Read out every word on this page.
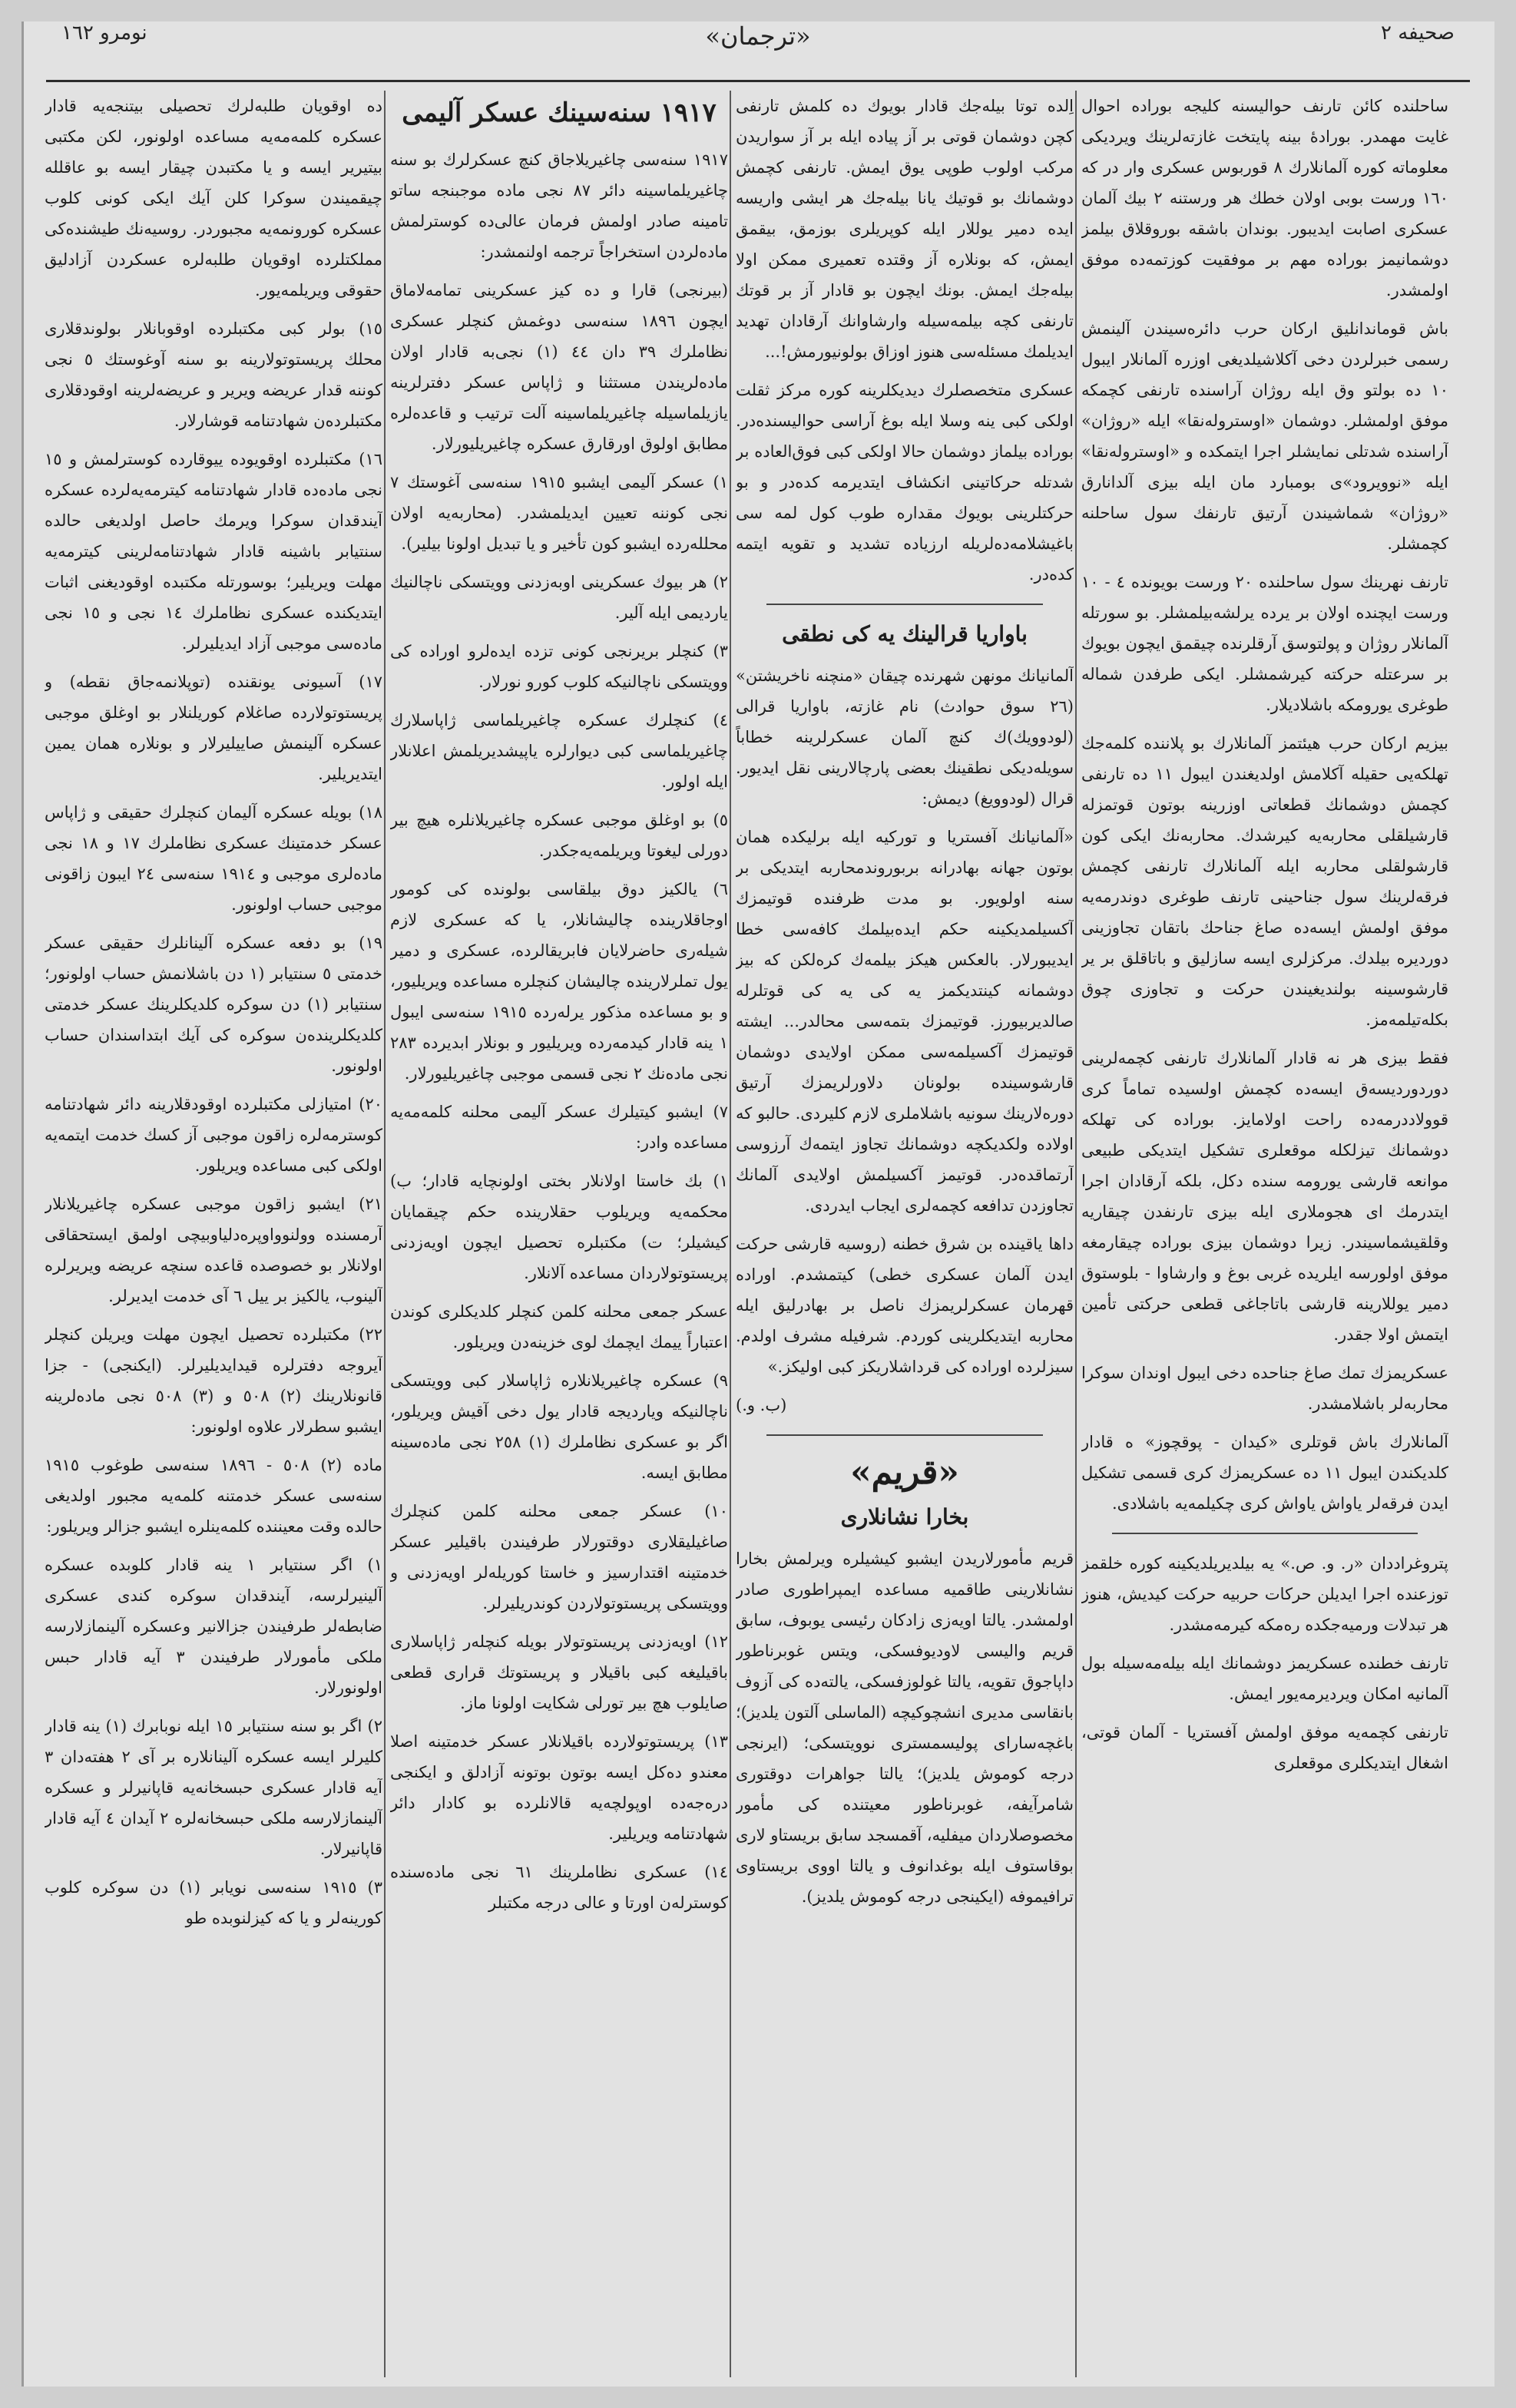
صحیفه ٢
«ترجمان»
نومرو ١٦٢

ساحلنده کائن تارنف حوالیسنه کلیجه بوراده احوال غایت مهمدر. بورادهٔ بینه پایتخت غازته‌لرینك ویردیکی معلوماته کوره آلمانلارك ٨ قوربوس عسکری وار در که ١٦٠ ورست بوبی اولان خطك هر ورستنه ٢ بیك آلمان عسکری اصابت ایدیبور. بوندان باشقه بوروقلاق بیلمز دوشمانیمز بوراده مهم بر موفقیت کوزتمه‌ده موفق اولمشدر.

باش قوماندانلیق ارکان حرب دائره‌سیندن آلینمش رسمی خبرلردن دخی آکلاشیلدیغی اوزره آلمانلار ایبول ١٠ ده بولتو وق ایله روژان آراسنده تارنفی کچمکه موفق اولمشلر. دوشمان «اوستروله‌نقا» ایله «روژان» آراسنده شدتلی نمایشلر اجرا ایتمکده و «اوستروله‌نقا» ایله «نوویرود»ی بومبارد مان ایله بیزی آلدانارق «روژان» شماشیندن آرتیق تارنفك سول ساحلنه کچمشلر.

تارنف نهرینك سول ساحلنده ٢٠ ورست بویونده ٤ - ١٠ ورست ایچنده اولان بر یرده یرلشه‌بیلمشلر. بو سورتله آلمانلار روژان و پولتوسق آرقلرنده چیقمق ایچون بویوك بر سرعتله حرکته کیرشمشلر. ایکی طرفدن شماله طوغری یورومکه باشلادیلار.

بیزیم ارکان حرب هیئتمز آلمانلارك بو پلاننده کلمه‌جك تهلکه‌یی حقیله آکلامش اولدیغندن ایبول ١١ ده تارنفی کچمش دوشمانك قطعاتی اوزرینه بوتون قوتمزله قارشیلقلی محاربه‌یه کیرشدك. محاربه‌نك ایکی کون قارشولقلی محاربه ایله آلمانلارك تارنفی کچمش فرقه‌لرینك سول جناحینی تارنف طوغری دوندرمه‌یه موفق اولمش ایسه‌ده صاغ جناحك باتقان تجاوزینی دوردیره بیلدك. مرکزلری ایسه سازلیق و باتاقلق بر یر قارشوسینه بولندیغیندن حرکت و تجاوزی چوق بکله‌تیلمه‌مز.

فقط بیزی هر نه قادار آلمانلارك تارنفی کچمه‌لرینی دوردوردیسه‌ق ایسه‌ده کچمش اولسیده تماماً کری قوولاددرمه‌ده راحت اولامایز. بوراده کی تهلکه دوشمانك تیزلکله موقعلری تشکیل ایتدیکی طبیعی موانعه قارشی یورومه سنده دکل، بلکه آرقادان اجرا ایتدرمك ای هجوملاری ایله بیزی تارنفدن چیقاریه وقلقیشماسیندر. زیرا دوشمان بیزی بوراده چیقارمغه موفق اولورسه ایلریده غربی بوغ و وارشاوا - بلوستوق دمیر یوللارینه قارشی باتاجاغی قطعی حرکتی تأمین ایتمش اولا جقدر.

عسکریمزك تمك صاغ جناحده دخی ایبول اوندان سوکرا محاربه‌لر باشلامشدر.

آلمانلارك باش قوتلری «کیدان - پوقچوز» ه قادار کلدیکندن ایبول ١١ ده عسکریمزك کری قسمی تشکیل ایدن فرقه‌لر یاواش یاواش کری چکیلمه‌یه باشلادی.

پتروغراددان «ر. و. ص.» یه بیلدیریلدیکینه کوره خلقمز توزعنده اجرا ایدیلن حرکات حربیه حرکت کیدیش، هنوز هر تبدلات ورمیه‌جکده ره‌مکه کیرمه‌مشدر.

تارنف خطنده عسکریمز دوشمانك ایله بیله‌مه‌سیله بول آلمانیه امکان ویردیرمه‌یور ایمش.

تارنفی کچمه‌یه موفق اولمش آفستریا - آلمان قوتی، اشغال ایتدیکلری موقعلری

اِلده توتا بیله‌جك قادار بویوك ده کلمش تارنفی کچن دوشمان قوتی بر آز پیاده ایله بر آز سواریدن مرکب اولوب طوپی یوق ایمش. تارنفی کچمش دوشمانك بو قوتیك یانا بیله‌جك هر ایشی واریسه ایده دمیر یوللار ایله کوپریلری بوزمق، بیقمق ایمش، که بونلاره آز وقتده تعمیری ممکن اولا بیله‌جك ایمش. بونك ایچون بو قادار آز بر قوتك تارنفی کچه بیلمه‌سیله وارشاوانك آرقادان تهدید ایدیلمك مسئله‌سی هنوز اوزاق بولونیورمش!...

عسکری متخصصلرك دیدیکلرینه کوره مرکز ثقلت اولکی کبی ینه وسلا ایله بوغ آراسی حوالیسنده‌در. بوراده بیلماز دوشمان حالا اولکی کبی فوق‌العاده بر شدتله حرکاتینی انکشاف ایتدیرمه کده‌در و بو حرکتلرینی بویوك مقداره طوب کول لمه سی باغیشلامه‌ده‌لریله ارزیاده تشدید و تقویه ایتمه کده‌در.

باواریا قرالینك یه کی نطقی

آلمانیانك مونهن شهرنده چیقان «منچنه ناخریشتن» (٢٦ سوق حوادث) نام غازته، باواریا قرالی (لودوویك)ك کنچ آلمان عسکرلرینه خطاباً سویله‌دیکی نطقینك بعضی پارچالارینی نقل ایدیور. قرال (لودوویغ) دیمش:

«آلمانیانك آفستریا و تورکیه ایله برلیکده همان بوتون جهانه بهادرانه بربوروندمحاربه ایتدیکی بر سنه اولویور. بو مدت ظرفنده قوتیمزك آکسیلمدیکینه حکم ایده‌بیلمك کافه‌سی خطا ایدیبورلار. بالعکس هیکز بیلمه‌ك کره‌لکن که بیز دوشمانه کینتدیکمز یه کی یه کی قوتلرله صالدیربیورز. قوتیمزك بتمه‌سی محالدر... ایشته قوتیمزك آکسیلمه‌سی ممکن اولایدی دوشمان قارشوسینده بولونان دلاورلریمزك آرتیق دوره‌لارینك سونیه باشلاملری لازم کلیردی. حالبو که اولاده ولکدیکچه دوشمانك تجاوز ایتمه‌ك آرزوسی آرتماقده‌در. قوتیمز آکسیلمش اولایدی آلمانك تجاوزدن تدافعه کچمه‌لری ایجاب ایدردی.

داها یاقینده بن شرق خطنه (روسیه قارشی حرکت ایدن آلمان عسکری خطی) کیتمشدم. اوراده قهرمان عسکرلریمزك ناصل بر بهادرلیق ایله محاربه ایتدیکلرینی کوردم. شرفیله مشرف اولدم. سیزلرده اوراده کی قرداشلاریکز کبی اولیکز.»

(ب. و.)

«قريم»
بخارا نشانلاری

قریم مأمورلاریدن ایشبو کیشیلره ویرلمش بخارا نشانلارینی طاقمیه مساعده ایمپراطوری صادر اولمشدر. یالتا اویه‌زی زادکان رئیسی یوبوف، سابق قریم والیسی لاودیوفسکی، ویتس غوبرناطور داپاجوق تقویه، یالتا غولوزفسکی، یالته‌ده کی آزوف بانقاسی مدیری انشچوکیچه (الماسلی آلتون یلدیز)؛ باغچه‌سارای پولیسمستری نوویتسکی؛ (ایرنجی درجه کوموش یلدیز)؛ یالتا جواهرات دوقتوری شامرآیفه، غوبرناطور معیتنده کی مأمور مخصوصلاردان میفلیه، آقمسجد سابق بریستاو لاری بوقاستوف ایله بوغدانوف و یالتا اووی بریستاوی ترافیموفه (ایکینجی درجه کوموش یلدیز).

١٩١٧ سنه‌سینك عسکر آلیمی

١٩١٧ سنه‌سی چاغیریلاجاق کنچ عسکرلرك بو سنه چاغیریلماسینه دائر ٨٧ نجی ماده موجبنجه ساتو تامینه صادر اولمش فرمان عالی‌ده کوسترلمش ماده‌لردن استخراجاً ترجمه اولنمشدر:

(بیرنجی) قارا و ده کیز عسکرینی تمامه‌لاماق ایچون ١٨٩٦ سنه‌سی دوغمش کنچلر عسکری نظاملرك ٣٩ دان ٤٤ (١) نجی‌به قادار اولان ماده‌لریندن مستثنا و ژاپاس عسکر دفترلرینه یازیلماسیله چاغیریلماسینه آلت ترتیب و قاعده‌لره مطابق اولوق اورقارق عسکره چاغیریلیورلار.

١) عسکر آلیمی ایشبو ١٩١٥ سنه‌سی آغوستك ٧ نجی کوننه تعیین ایدیلمشدر. (محاربه‌یه اولان محلله‌رده ایشبو کون تأخیر و یا تبدیل اولونا بیلیر).

٢) هر بیوك عسکرینی اوبه‌زدنی وویتسکی ناچالنیك یاردیمی ایله آلیر.

٣) کنچلر بریرنجی کونی تزده ایده‌لرو اوراده کی وویتسکی ناچالنیکه کلوب کورو نورلار.

٤) کنچلرك عسکره چاغیریلماسی ژاپاسلارك چاغیریلماسی کبی دیوارلره یاپیشدیریلمش اعلانلار ایله اولور.

٥) بو اوغلق موجبی عسکره چاغیریلانلره هیچ بیر دورلی لیغوتا ویریلمه‌یه‌جکدر.

٦) یالکیز دوق بیلقاسی بولونده کی کومور اوجاقلارینده چالیشانلار، یا که عسکری لازم شیله‌ری حاضرلایان فابریقالرده، عسکری و دمیر یول تملرلارینده چالیشان کنچلره مساعده ویریلیور، و بو مساعده مذکور یرله‌رده ١٩١٥ سنه‌سی ایبول ١ ینه قادار کیدمه‌رده ویریلیور و بونلار ابدیرده ٢٨٣ نجی ماده‌نك ٢ نجی قسمی موجبی چاغیریلیورلار.

٧) ایشبو کیتیلرك عسکر آلیمی محلنه کلمه‌مه‌یه مساعده وادر:

١) بك خاستا اولانلار بختی اولونچایه قادار؛ ب) محکمه‌یه ویریلوب حقلارینده حکم چیقمایان کیشیلر؛ ت) مکتبلره تحصیل ایچون اویه‌زدنی پریستوتولاردان مساعده آلانلار.

عسکر جمعی محلنه کلمن کنچلر کلدیکلری کوندن اعتباراً ییمك ایچمك لوی خزینه‌دن ویریلور.

٩) عسکره چاغیریلانلاره ژاپاسلار کبی وویتسکی ناچالنیکه ویاردیجه قادار یول دخی آقیش ویریلور، اگر بو عسکری نظاملرك (١) ٢٥٨ نجی ماده‌سینه مطابق ایسه.

١٠) عسکر جمعی محلنه کلمن کنچلرك صاغیلیقلاری دوقتورلار طرفیندن باقیلیر عسکر خدمتینه اقتدارسیز و خاستا کوریله‌لر اویه‌زدنی و وویتسکی پریستوتولاردن کوندریلیرلر.

١٢) اویه‌زدنی پریستوتولار بویله کنچله‌ر ژاپاسلاری باقیلیغه کبی باقیلار و پریستوتك قراری قطعی صایلوب هچ بیر تورلی شکایت اولونا ماز.

١٣) پریستوتولارده باقیلانلار عسکر خدمتینه اصلا معندو ده‌کل ایسه بوتون بوتونه آزادلق و ایکنجی دره‌جه‌ده اوپولچه‌یه قالانلرده بو کادار دائر شهادتنامه ویریلیر.

١٤) عسکری نظاملرینك ٦١ نجی ماده‌سنده کوسترله‌ن اورتا و عالی درجه مکتبلر

ده اوقویان طلبه‌لرك تحصیلی بیتنجه‌یه قادار عسکره کلمه‌مه‌یه مساعده اولونور، لکن مکتبی بیتیریر ایسه و یا مکتبدن چیقار ایسه بو عاقلله چیقمیندن سوکرا کلن آیك ایکی کونی کلوب عسکره کورونمه‌یه مجبوردر. روسیه‌نك طیشنده‌کی مملکتلرده اوقویان طلبه‌لره عسکردن آزادلیق حقوقی ویریلمه‌یور.

١٥) بولر کبی مکتبلرده اوقوبانلار بولوندقلاری محلك پریستوتولارینه بو سنه آوغوستك ٥ نجی کوننه قدار عریضه ویریر و عریضه‌لرینه اوقودقلاری مکتبلرده‌ن شهادتنامه قوشارلار.

١٦) مکتبلرده اوقویوده‌ ییوقارده کوسترلمش و ١٥ نجی ماده‌ده قادار شهادتنامه کیترمه‌یه‌لرده عسکره آیندقدان سوکرا ویرمك حاصل اولدیغی حالده سنتیابر باشینه قادار شهادتنامه‌لرینی کیترمه‌یه مهلت ویریلیر؛ بوسورتله مکتبده اوقودیغنی اثبات ایتدیکنده عسکری نظاملرك ١٤ نجی و ١٥ نجی ماده‌سی موجبی آزاد ایدیلیرلر.

١٧) آسیونی یونقنده (توپلانمه‌جاق نقطه) و پریستوتولارده صاغلام کوریلنلار بو اوغلق موجبی عسکره آلینمش صاییلیرلار و بونلاره همان یمین ایتدیریلیر.

١٨) بویله عسکره آلیمان کنچلرك حقیقی و ژاپاس عسکر خدمتینك عسکری نظاملرك ١٧ و ١٨ نجی ماده‌لری موجبی و ١٩١٤ سنه‌سی ٢٤ ایبون زاقونی موجبی حساب اولونور.

١٩) بو دفعه عسکره آلینانلرك حقیقی عسکر خدمتی ٥ سنتیابر (١ دن باشلانمش حساب اولونور؛ سنتیابر (١) دن سوکره کلدیکلرینك عسکر خدمتی کلدیکلرینده‌ن سوکره کی آیك ابتداسندان حساب اولونور.

٢٠) امتیازلی مکتبلرده اوقودقلارینه دائر شهادتنامه کوسترمه‌لره زاقون موجبی آز کسك خدمت ایتمه‌یه اولکی کبی مساعده ویریلور.

٢١) ایشبو زاقون موجبی عسکره چاغیریلانلار آرمسنده وولنوواوپره‌دلیاوبیچی اولمق ایستحقاقی اولانلار بو خصوصده قاعده سنچه عریضه ویریرلره آلینوب، یالکیز بر ییل ٦ آی خدمت ایدیرلر.

٢٢) مکتبلرده تحصیل ایچون مهلت ویریلن کنچلر آیروجه دفترلره قیدایدیلیرلر. (ایکنجی) - جزا قانونلارینك (٢) ٥٠٨ و (٣) ٥٠٨ نجی ماده‌لرینه ایشبو سطرلار علاوه اولونور:

ماده (٢) ٥٠٨ - ١٨٩٦ سنه‌سی طوغوب ١٩١٥ سنه‌سی عسکر خدمتنه کلمه‌یه مجبور اولدیغی حالده وقت معیننده کلمه‌ینلره ایشبو جزالر ویریلور:

١) اگر سنتیابر ١ ینه قادار کلوبده عسکره آلینیرلرسه، آیندقدان سوکره کندی عسکری ضابطه‌لر طرفیندن جزالانیر وعسکره آلینمازلارسه ملکی مأمورلار طرفیندن ٣ آیه قادار حبس اولونورلار.

٢) اگر بو سنه سنتیابر ١٥ ایله نوبابرك (١) ینه قادار کلیرلر ایسه عسکره آلینانلاره بر آی ٢ هفته‌دان ٣ آیه قادار عسکری حبسخانه‌یه قاپانیرلر و عسکره آلینمازلارسه ملکی حبسخانه‌لره ٢ آیدان ٤ آیه قادار قاپانیرلار.

٣) ١٩١٥ سنه‌سی نویابر (١) دن سوکره کلوب کورینه‌لر و یا که کیزلنوبده طو
